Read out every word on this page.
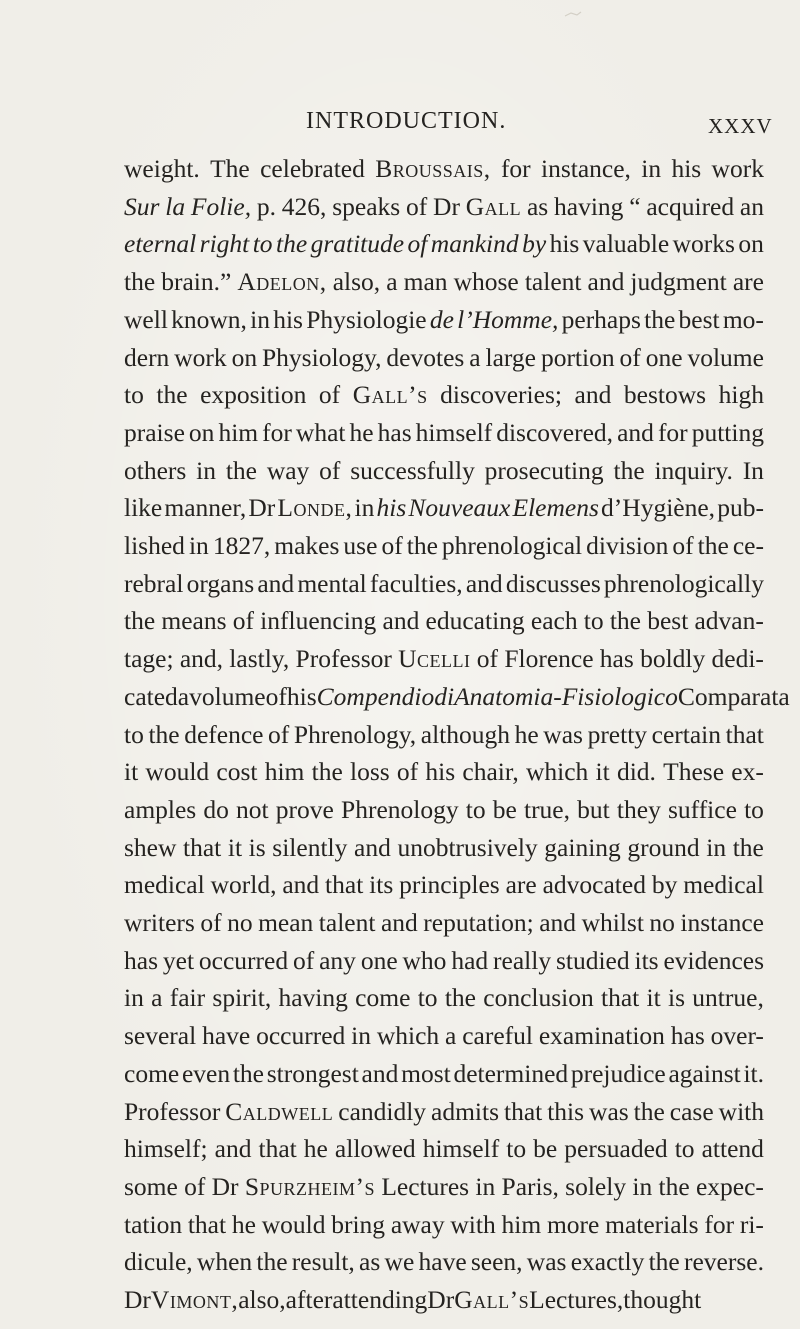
INTRODUCTION.	XXXV
weight. The celebrated Broussais, for instance, in his work
Sur la Folie, p. 426, speaks of Dr Gall as having “ acquired an
eternal right to the gratitude of mankind by his valuable works on
the brain.” Adelon, also, a man whose talent and judgment are
well known, in his Physiologie de l’Homme, perhaps the best mo-
dern work on Physiology, devotes a large portion of one volume
to the exposition of Gall’s discoveries; and bestows high
praise on him for what he has himself discovered, and for putting
others in the way of successfully prosecuting the inquiry. In
like manner, Dr Londe, in his Nouveaux Elemens d’Hygiène, pub-
lished in 1827, makes use of the phrenological division of the ce-
rebral organs and mental faculties, and discusses phrenologically
the means of influencing and educating each to the best advan-
tage; and, lastly, Professor Ucelli of Florence has boldly dedi-
cated a volume of his Compendio di Anatomia-Fisiologico Comparata
to the defence of Phrenology, although he was pretty certain that
it would cost him the loss of his chair, which it did. These ex-
amples do not prove Phrenology to be true, but they suffice to
shew that it is silently and unobtrusively gaining ground in the
medical world, and that its principles are advocated by medical
writers of no mean talent and reputation; and whilst no instance
has yet occurred of any one who had really studied its evidences
in a fair spirit, having come to the conclusion that it is untrue,
several have occurred in which a careful examination has over-
come even the strongest and most determined prejudice against it.
Professor Caldwell candidly admits that this was the case with
himself; and that he allowed himself to be persuaded to attend
some of Dr Spurzheim’s Lectures in Paris, solely in the expec-
tation that he would bring away with him more materials for ri-
dicule, when the result, as we have seen, was exactly the reverse.
Dr Vimont, also, after attending Dr Gall’s Lectures, thought
